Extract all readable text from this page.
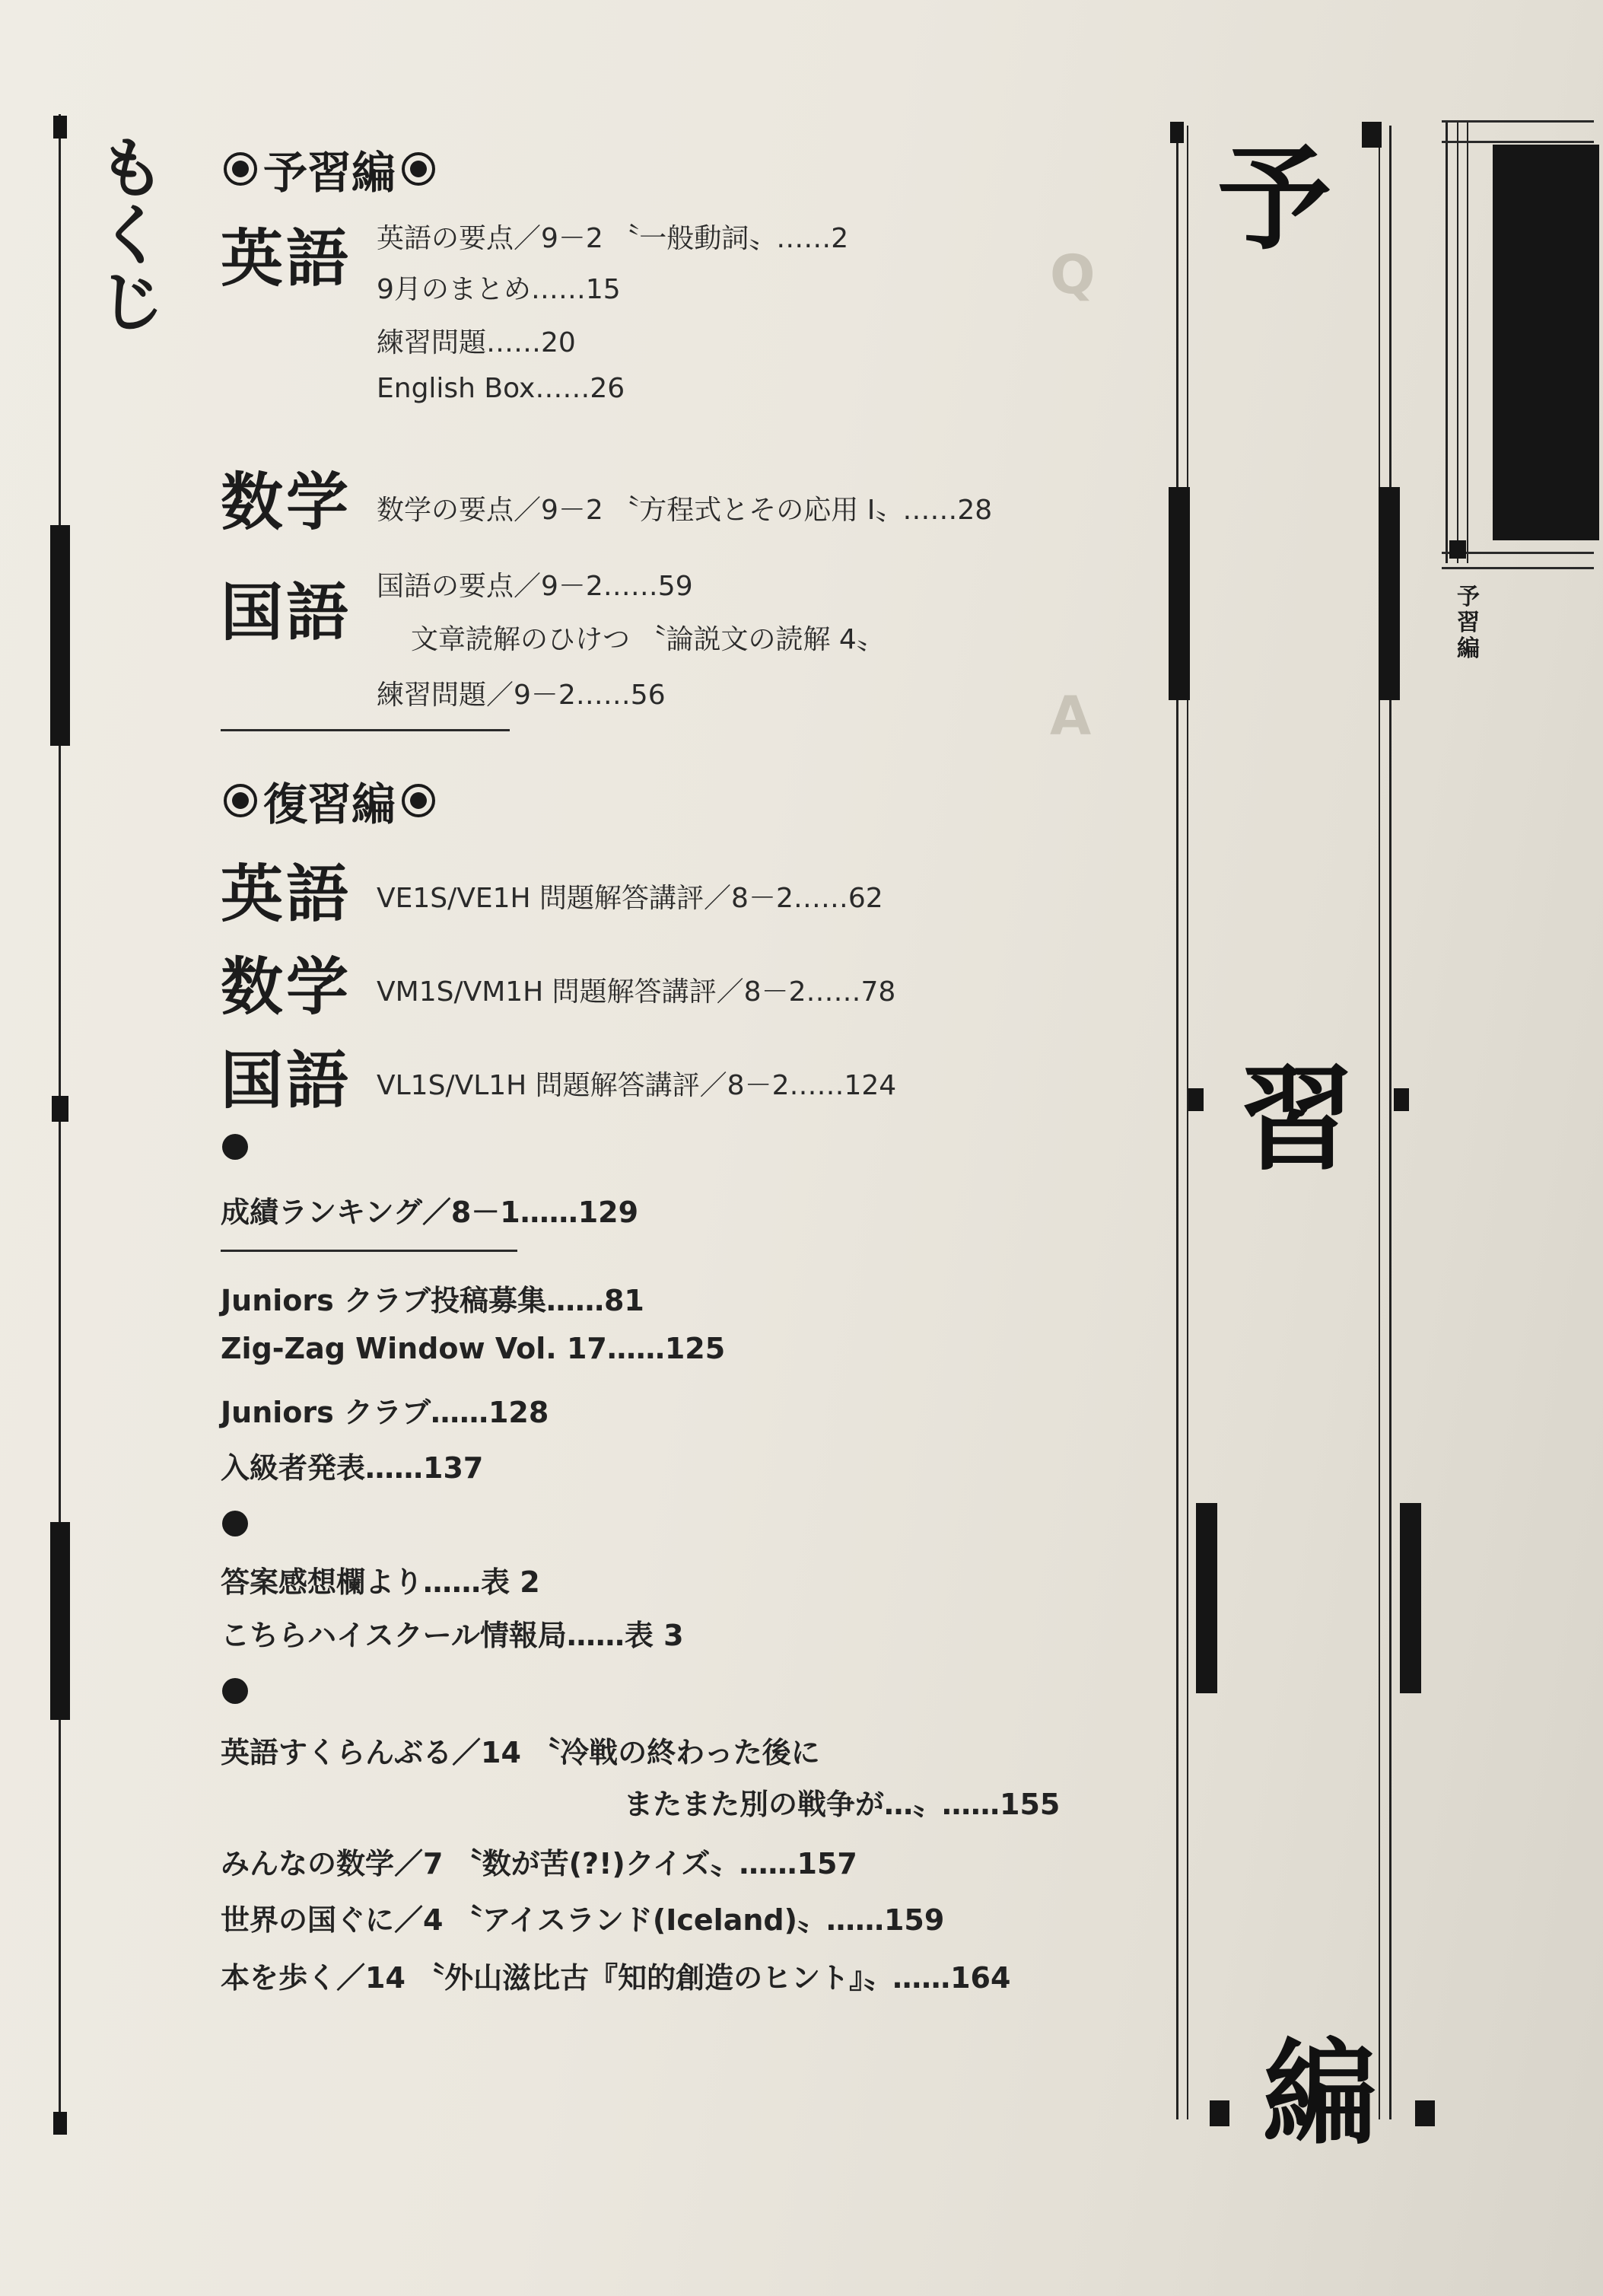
Q
A
も
く
じ
予習編
英語 英語の要点／9－2 〝一般動詞〟……2
9月のまとめ……15
練習問題……20
English Box……26
数学 数学の要点／9－2 〝方程式とその応用 I〟……28
国語 国語の要点／9－2……59
文章読解のひけつ 〝論説文の読解 4〟
練習問題／9－2……56
復習編
英語 VE1S/VE1H 問題解答講評／8－2……62
数学 VM1S/VM1H 問題解答講評／8－2……78
国語 VL1S/VL1H 問題解答講評／8－2……124
成績ランキング／8－1……129
Juniors クラブ投稿募集……81
Zig-Zag Window Vol. 17……125
Juniors クラブ……128
入級者発表……137
答案感想欄より……表 2
こちらハイスクール情報局……表 3
英語すくらんぶる／14 〝冷戦の終わった後に
またまた別の戦争が…〟……155
みんなの数学／7 〝数が苦(?!)クイズ〟……157
世界の国ぐに／4 〝アイスランド(Iceland)〟……159
本を歩く／14 〝外山滋比古『知的創造のヒント』〟……164
予
習
編
予
習
編
